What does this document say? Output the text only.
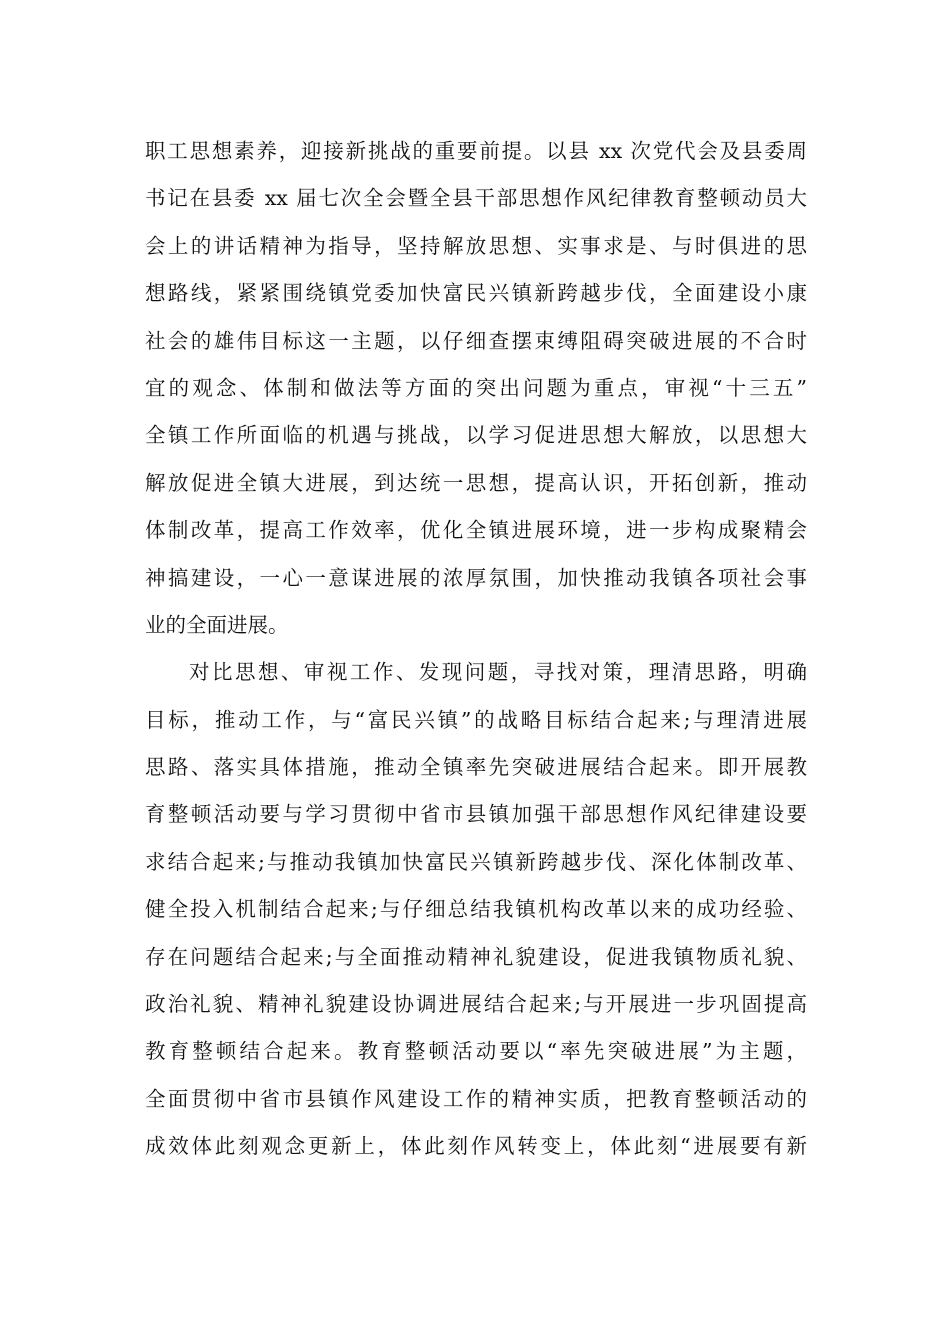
职工思想素养，迎接新挑战的重要前提。以县 xx 次党代会及县委周
书记在县委 xx 届七次全会暨全县干部思想作风纪律教育整顿动员大
会上的讲话精神为指导，坚持解放思想、实事求是、与时俱进的思
想路线，紧紧围绕镇党委加快富民兴镇新跨越步伐，全面建设小康
社会的雄伟目标这一主题，以仔细查摆束缚阻碍突破进展的不合时
宜的观念、体制和做法等方面的突出问题为重点，审视“十三五”
全镇工作所面临的机遇与挑战，以学习促进思想大解放，以思想大
解放促进全镇大进展，到达统一思想，提高认识，开拓创新，推动
体制改革，提高工作效率，优化全镇进展环境，进一步构成聚精会
神搞建设，一心一意谋进展的浓厚氛围，加快推动我镇各项社会事
业的全面进展。
对比思想、审视工作、发现问题，寻找对策，理清思路，明确
目标，推动工作，与“富民兴镇”的战略目标结合起来;与理清进展
思路、落实具体措施，推动全镇率先突破进展结合起来。即开展教
育整顿活动要与学习贯彻中省市县镇加强干部思想作风纪律建设要
求结合起来;与推动我镇加快富民兴镇新跨越步伐、深化体制改革、
健全投入机制结合起来;与仔细总结我镇机构改革以来的成功经验、
存在问题结合起来;与全面推动精神礼貌建设，促进我镇物质礼貌、
政治礼貌、精神礼貌建设协调进展结合起来;与开展进一步巩固提高
教育整顿结合起来。教育整顿活动要以“率先突破进展”为主题，
全面贯彻中省市县镇作风建设工作的精神实质，把教育整顿活动的
成效体此刻观念更新上，体此刻作风转变上，体此刻“进展要有新
